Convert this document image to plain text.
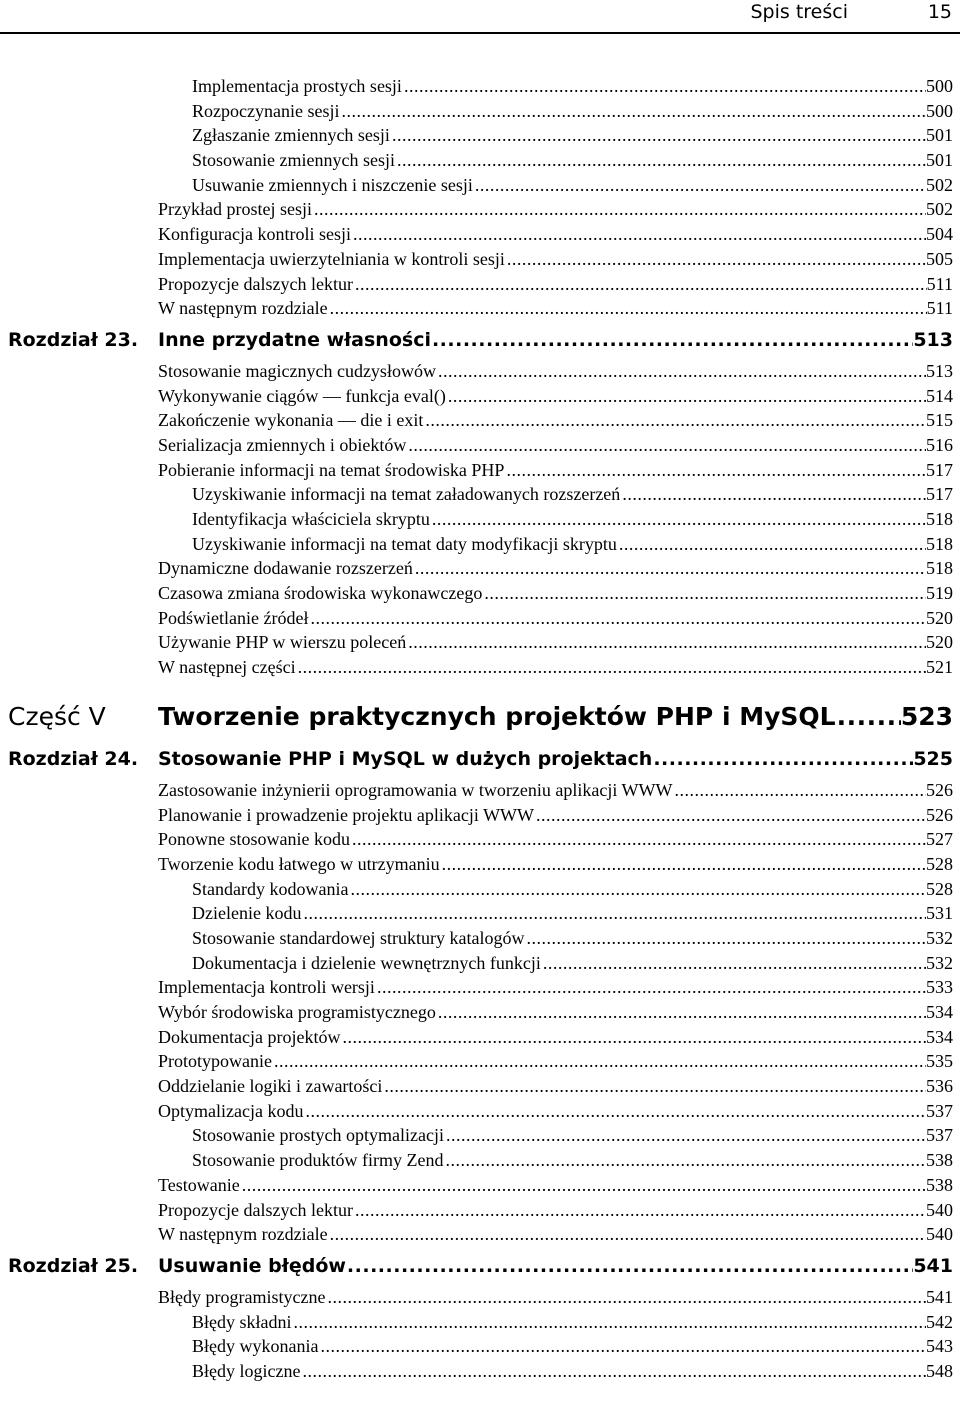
Spis treści	15
Implementacja prostych sesji .....	500
Rozpoczynanie sesji .....	500
Zgłaszanie zmiennych sesji .....	501
Stosowanie zmiennych sesji .....	501
Usuwanie zmiennych i niszczenie sesji .....	502
Przykład prostej sesji .....	502
Konfiguracja kontroli sesji .....	504
Implementacja uwierzytelniania w kontroli sesji .....	505
Propozycje dalszych lektur .....	511
W następnym rozdziale .....	511
Rozdział 23.	Inne przydatne własności .....	513
Stosowanie magicznych cudzysłowów .....	513
Wykonywanie ciągów — funkcja eval() .....	514
Zakończenie wykonania — die i exit .....	515
Serializacja zmiennych i obiektów .....	516
Pobieranie informacji na temat środowiska PHP .....	517
Uzyskiwanie informacji na temat załadowanych rozszerzeń .....	517
Identyfikacja właściciela skryptu .....	518
Uzyskiwanie informacji na temat daty modyfikacji skryptu .....	518
Dynamiczne dodawanie rozszerzeń .....	518
Czasowa zmiana środowiska wykonawczego .....	519
Podświetlanie źródeł .....	520
Używanie PHP w wierszu poleceń .....	520
W następnej części .....	521
Część V	Tworzenie praktycznych projektów PHP i MySQL .....	523
Rozdział 24.	Stosowanie PHP i MySQL w dużych projektach .....	525
Zastosowanie inżynierii oprogramowania w tworzeniu aplikacji WWW .....	526
Planowanie i prowadzenie projektu aplikacji WWW .....	526
Ponowne stosowanie kodu .....	527
Tworzenie kodu łatwego w utrzymaniu .....	528
Standardy kodowania .....	528
Dzielenie kodu .....	531
Stosowanie standardowej struktury katalogów .....	532
Dokumentacja i dzielenie wewnętrznych funkcji .....	532
Implementacja kontroli wersji .....	533
Wybór środowiska programistycznego .....	534
Dokumentacja projektów .....	534
Prototypowanie .....	535
Oddzielanie logiki i zawartości .....	536
Optymalizacja kodu .....	537
Stosowanie prostych optymalizacji .....	537
Stosowanie produktów firmy Zend .....	538
Testowanie .....	538
Propozycje dalszych lektur .....	540
W następnym rozdziale .....	540
Rozdział 25.	Usuwanie błędów .....	541
Błędy programistyczne .....	541
Błędy składni .....	542
Błędy wykonania .....	543
Błędy logiczne .....	548
